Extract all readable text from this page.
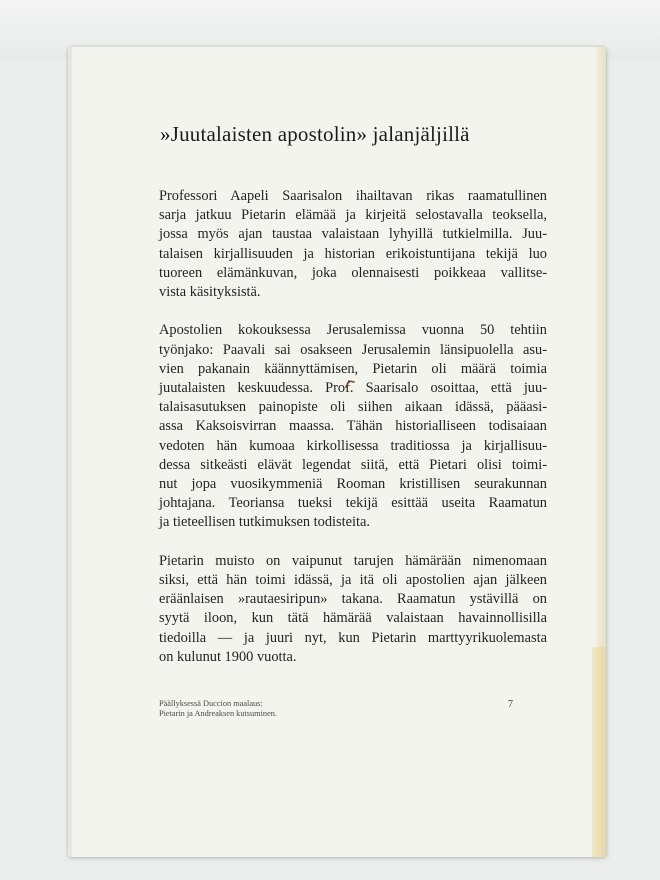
»Juutalaisten apostolin» jalanjäljillä

Professori Aapeli Saarisalon ihailtavan rikas raamatullinen
sarja jatkuu Pietarin elämää ja kirjeitä selostavalla teoksella,
jossa myös ajan taustaa valaistaan lyhyillä tutkielmilla. Juu-
talaisen kirjallisuuden ja historian erikoistuntijana tekijä luo
tuoreen elämänkuvan, joka olennaisesti poikkeaa vallitse-
vista käsityksistä.

Apostolien kokouksessa Jerusalemissa vuonna 50 tehtiin
työnjako: Paavali sai osakseen Jerusalemin länsipuolella asu-
vien pakanain käännyttämisen, Pietarin oli määrä toimia
juutalaisten keskuudessa. Prof. Saarisalo osoittaa, että juu-
talaisasutuksen painopiste oli siihen aikaan idässä, pääasi-
assa Kaksoisvirran maassa. Tähän historialliseen todisaiaan
vedoten hän kumoaa kirkollisessa traditiossa ja kirjallisuu-
dessa sitkeästi elävät legendat siitä, että Pietari olisi toimi-
nut jopa vuosikymmeniä Rooman kristillisen seurakunnan
johtajana. Teoriansa tueksi tekijä esittää useita Raamatun
ja tieteellisen tutkimuksen todisteita.

Pietarin muisto on vaipunut tarujen hämärään nimenomaan
siksi, että hän toimi idässä, ja itä oli apostolien ajan jälkeen
eräänlaisen »rautaesiripun» takana. Raamatun ystävillä on
syytä iloon, kun tätä hämärää valaistaan havainnollisilla
tiedoilla — ja juuri nyt, kun Pietarin marttyyrikuolemasta
on kulunut 1900 vuotta.

Päällyksessä Duccion maalaus:
Pietarin ja Andreaksen kutsuminen.
7
